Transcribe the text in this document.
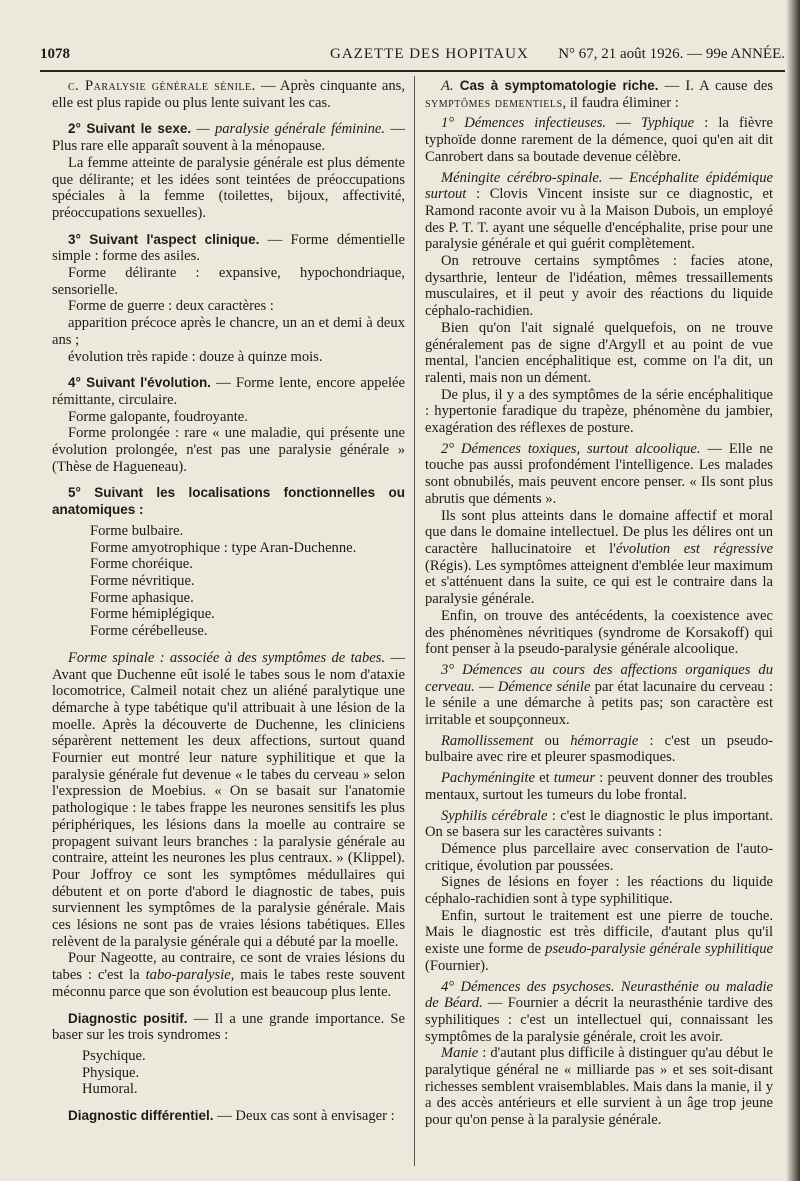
1078	GAZETTE DES HOPITAUX N° 67, 21 août 1926. — 99e ANNÉE.

c. Paralysie générale sénile. — Après cinquante ans, elle est plus rapide ou plus lente suivant les cas.

2° Suivant le sexe. — paralysie générale féminine. — Plus rare elle apparaît souvent à la ménopause.

La femme atteinte de paralysie générale est plus démente que délirante; et les idées sont teintées de préoccupations spéciales à la femme (toilettes, bijoux, affectivité, préoccupations sexuelles).

3° Suivant l'aspect clinique. — Forme démentielle simple : forme des asiles.

Forme délirante : expansive, hypochondriaque, sensorielle.

Forme de guerre : deux caractères :

apparition précoce après le chancre, un an et demi à deux ans ;

évolution très rapide : douze à quinze mois.

4° Suivant l'évolution. — Forme lente, encore appelée rémittante, circulaire.

Forme galopante, foudroyante.

Forme prolongée : rare « une maladie, qui présente une évolution prolongée, n'est pas une paralysie générale » (Thèse de Hagueneau).

5° Suivant les localisations fonctionnelles ou anatomiques :

Forme bulbaire.
Forme amyotrophique : type Aran-Duchenne.
Forme choréique.
Forme névritique.
Forme aphasique.
Forme hémiplégique.
Forme cérébelleuse.

Forme spinale : associée à des symptômes de tabes. — Avant que Duchenne eût isolé le tabes sous le nom d'ataxie locomotrice, Calmeil notait chez un aliéné paralytique une démarche à type tabétique qu'il attribuait à une lésion de la moelle. Après la découverte de Duchenne, les cliniciens séparèrent nettement les deux affections, surtout quand Fournier eut montré leur nature syphilitique et que la paralysie générale fut devenue « le tabes du cerveau » selon l'expression de Moebius. « On se basait sur l'anatomie pathologique : le tabes frappe les neurones sensitifs les plus périphériques, les lésions dans la moelle au contraire se propagent suivant leurs branches : la paralysie générale au contraire, atteint les neurones les plus centraux. » (Klippel). Pour Joffroy ce sont les symptômes médullaires qui débutent et on porte d'abord le diagnostic de tabes, puis surviennent les symptômes de la paralysie générale. Mais ces lésions ne sont pas de vraies lésions tabétiques. Elles relèvent de la paralysie générale qui a débuté par la moelle.

Pour Nageotte, au contraire, ce sont de vraies lésions du tabes : c'est la tabo-paralysie, mais le tabes reste souvent méconnu parce que son évolution est beaucoup plus lente.

Diagnostic positif. — Il a une grande importance. Se baser sur les trois syndromes :

Psychique.
Physique.
Humoral.

Diagnostic différentiel. — Deux cas sont à envisager :

A. Cas à symptomatologie riche. — I. A cause des symptômes dementiels, il faudra éliminer :

1° Démences infectieuses. — Typhique : la fièvre typhoïde donne rarement de la démence, quoi qu'en ait dit Canrobert dans sa boutade devenue célèbre.

Méningite cérébro-spinale. — Encéphalite épidémique surtout : Clovis Vincent insiste sur ce diagnostic, et Ramond raconte avoir vu à la Maison Dubois, un employé des P. T. T. ayant une séquelle d'encéphalite, prise pour une paralysie générale et qui guérit complètement.

On retrouve certains symptômes : facies atone, dysarthrie, lenteur de l'idéation, mêmes tressaillements musculaires, et il peut y avoir des réactions du liquide céphalo-rachidien.

Bien qu'on l'ait signalé quelquefois, on ne trouve généralement pas de signe d'Argyll et au point de vue mental, l'ancien encéphalitique est, comme on l'a dit, un ralenti, mais non un dément.

De plus, il y a des symptômes de la série encéphalitique : hypertonie faradique du trapèze, phénomène du jambier, exagération des réflexes de posture.

2° Démences toxiques, surtout alcoolique. — Elle ne touche pas aussi profondément l'intelligence. Les malades sont obnubilés, mais peuvent encore penser. « Ils sont plus abrutis que déments ».

Ils sont plus atteints dans le domaine affectif et moral que dans le domaine intellectuel. De plus les délires ont un caractère hallucinatoire et l'évolution est régressive (Régis). Les symptômes atteignent d'emblée leur maximum et s'atténuent dans la suite, ce qui est le contraire dans la paralysie générale.

Enfin, on trouve des antécédents, la coexistence avec des phénomènes névritiques (syndrome de Korsakoff) qui font penser à la pseudo-paralysie générale alcoolique.

3° Démences au cours des affections organiques du cerveau. — Démence sénile par état lacunaire du cerveau : le sénile a une démarche à petits pas; son caractère est irritable et soupçonneux.

Ramollissement ou hémorragie : c'est un pseudo-bulbaire avec rire et pleurer spasmodiques.

Pachyméningite et tumeur : peuvent donner des troubles mentaux, surtout les tumeurs du lobe frontal.

Syphilis cérébrale : c'est le diagnostic le plus important. On se basera sur les caractères suivants :

Démence plus parcellaire avec conservation de l'auto-critique, évolution par poussées.

Signes de lésions en foyer : les réactions du liquide céphalo-rachidien sont à type syphilitique.

Enfin, surtout le traitement est une pierre de touche. Mais le diagnostic est très difficile, d'autant plus qu'il existe une forme de pseudo-paralysie générale syphilitique (Fournier).

4° Démences des psychoses. Neurasthénie ou maladie de Béard. — Fournier a décrit la neurasthénie tardive des syphilitiques : c'est un intellectuel qui, connaissant les symptômes de la paralysie générale, croit les avoir.

Manie : d'autant plus difficile à distinguer qu'au début le paralytique général ne « milliarde pas » et ses soit-disant richesses semblent vraisemblables. Mais dans la manie, il y a des accès antérieurs et elle survient à un âge trop jeune pour qu'on pense à la paralysie générale.
